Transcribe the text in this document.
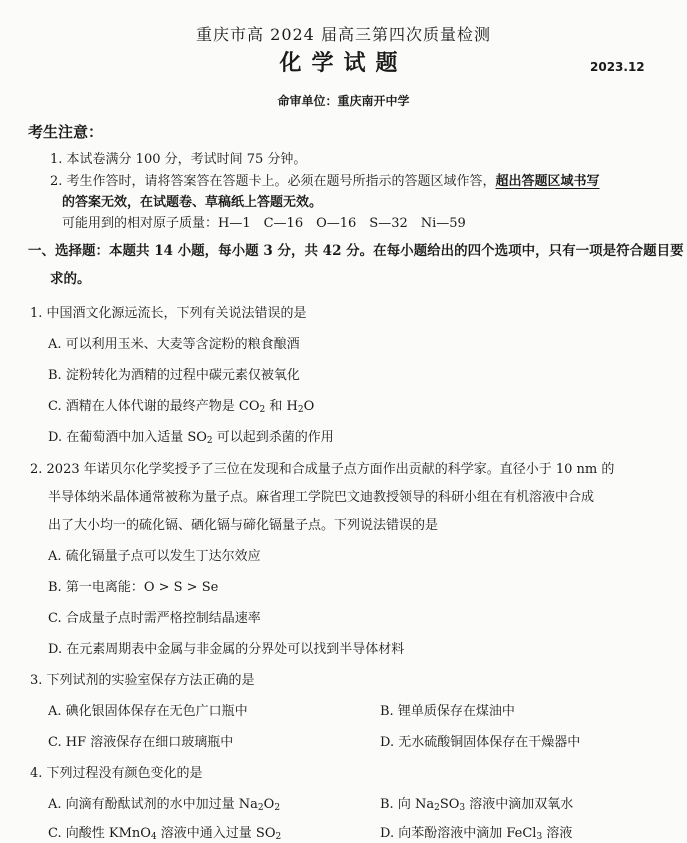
重庆市高 2024 届高三第四次质量检测
化学试题	2023.12
命审单位：重庆南开中学
考生注意：
1. 本试卷满分 100 分，考试时间 75 分钟。
2. 考生作答时，请将答案答在答题卡上。必须在题号所指示的答题区域作答，超出答题区域书写
的答案无效，在试题卷、草稿纸上答题无效。
可能用到的相对原子质量：H—1　C—16　O—16　S—32　Ni—59
一、选择题：本题共 14 小题，每小题 3 分，共 42 分。在每小题给出的四个选项中，只有一项是符合题目要
求的。
1. 中国酒文化源远流长，下列有关说法错误的是
A. 可以利用玉米、大麦等含淀粉的粮食酿酒
B. 淀粉转化为酒精的过程中碳元素仅被氧化
C. 酒精在人体代谢的最终产物是 $CO_2$ 和 $H_2O$
D. 在葡萄酒中加入适量 $SO_2$ 可以起到杀菌的作用
2. 2023 年诺贝尔化学奖授予了三位在发现和合成量子点方面作出贡献的科学家。直径小于 10 nm 的
半导体纳米晶体通常被称为量子点。麻省理工学院巴文迪教授领导的科研小组在有机溶液中合成
出了大小均一的硫化镉、硒化镉与碲化镉量子点。下列说法错误的是
A. 硫化镉量子点可以发生丁达尔效应
B. 第一电离能：O > S > Se
C. 合成量子点时需严格控制结晶速率
D. 在元素周期表中金属与非金属的分界处可以找到半导体材料
3. 下列试剂的实验室保存方法正确的是
A. 碘化银固体保存在无色广口瓶中	B. 锂单质保存在煤油中
C. HF 溶液保存在细口玻璃瓶中	D. 无水硫酸铜固体保存在干燥器中
4. 下列过程没有颜色变化的是
A. 向滴有酚酞试剂的水中加过量 $Na_2O_2$	B. 向 $Na_2SO_3$ 溶液中滴加双氧水
C. 向酸性 KMnO$_4$ 溶液中通入过量 $SO_2$	D. 向苯酚溶液中滴加 FeCl$_3$ 溶液
